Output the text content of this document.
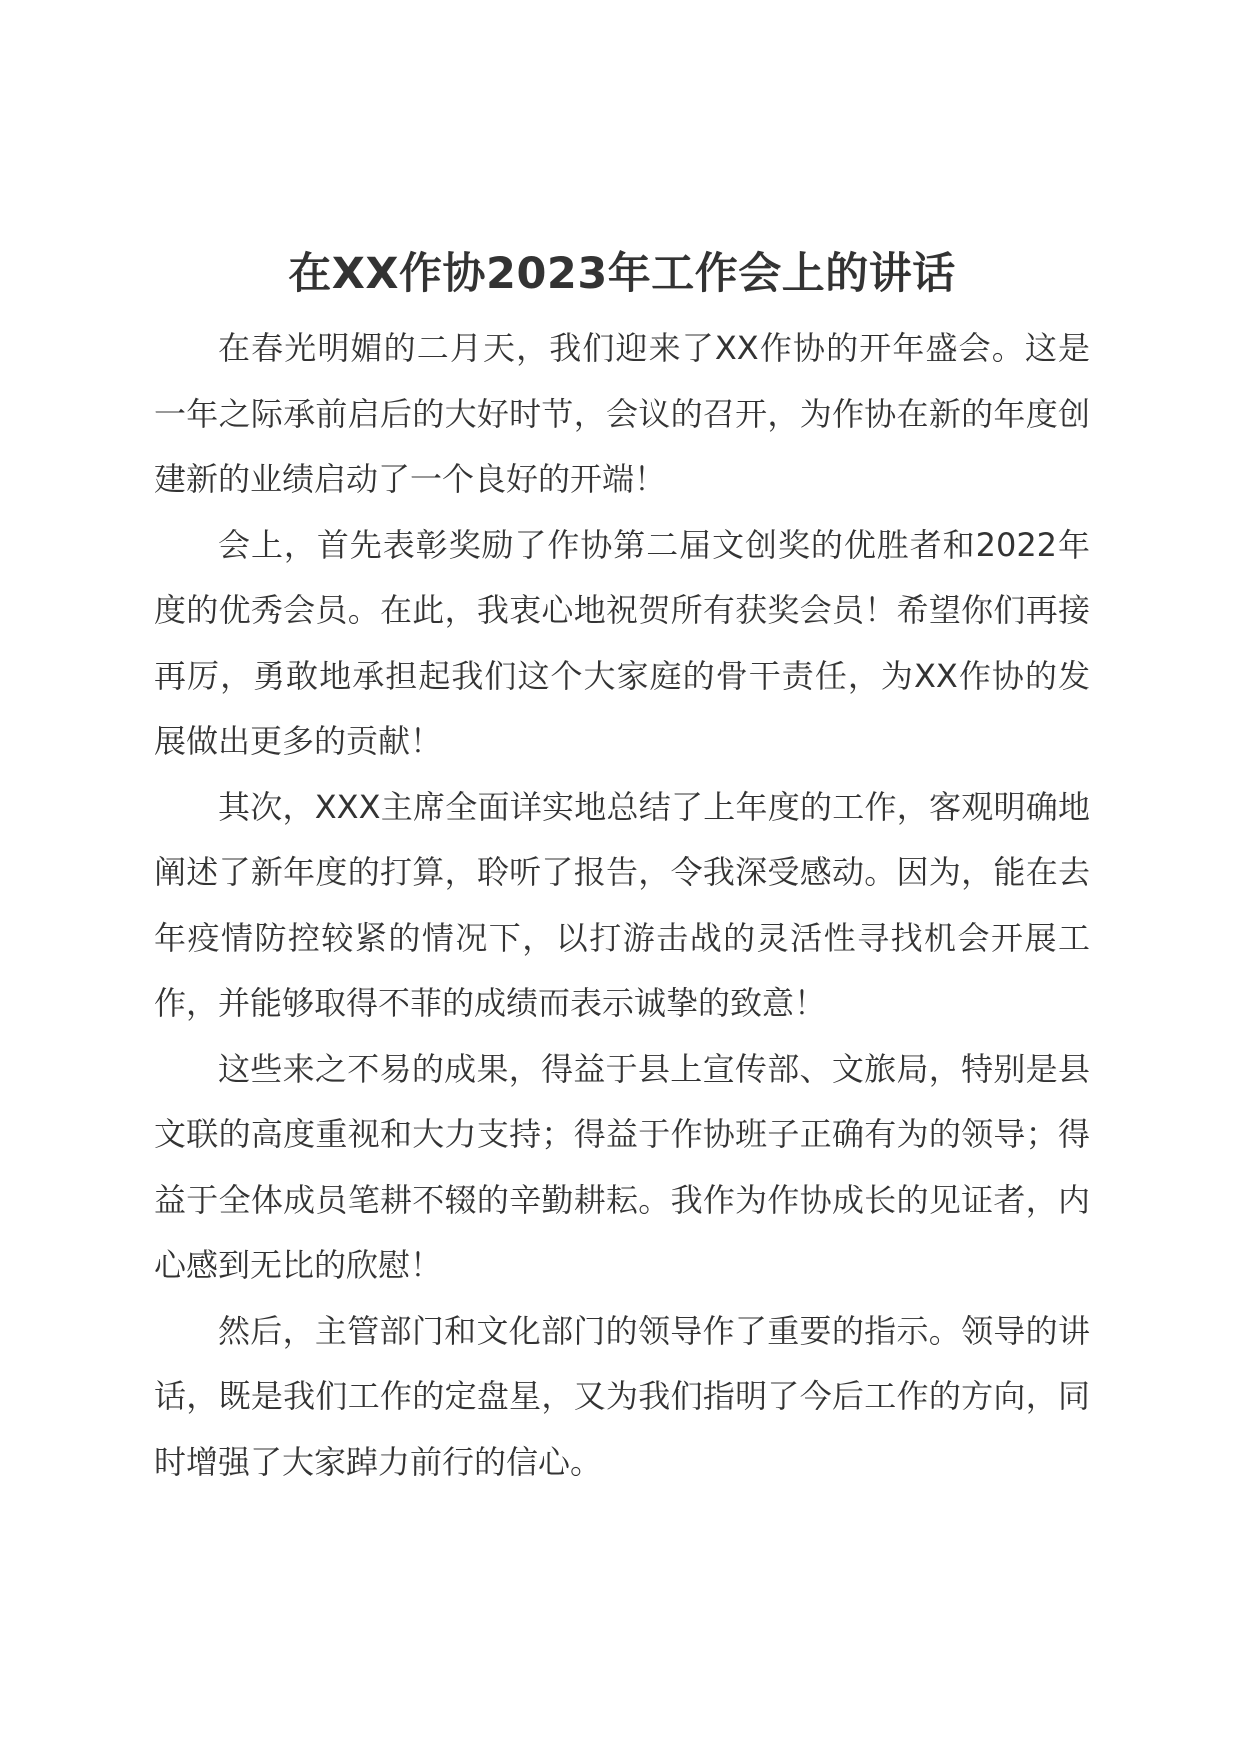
在XX作协2023年工作会上的讲话

在春光明媚的二月天，我们迎来了XX作协的开年盛会。这是一年之际承前启后的大好时节，会议的召开，为作协在新的年度创建新的业绩启动了一个良好的开端！

会上，首先表彰奖励了作协第二届文创奖的优胜者和2022年度的优秀会员。在此，我衷心地祝贺所有获奖会员！希望你们再接再厉，勇敢地承担起我们这个大家庭的骨干责任，为XX作协的发展做出更多的贡献！

其次，XXX主席全面详实地总结了上年度的工作，客观明确地阐述了新年度的打算，聆听了报告，令我深受感动。因为，能在去年疫情防控较紧的情况下，以打游击战的灵活性寻找机会开展工作，并能够取得不菲的成绩而表示诚挚的致意！

这些来之不易的成果，得益于县上宣传部、文旅局，特别是县文联的高度重视和大力支持；得益于作协班子正确有为的领导；得益于全体成员笔耕不辍的辛勤耕耘。我作为作协成长的见证者，内心感到无比的欣慰！

然后，主管部门和文化部门的领导作了重要的指示。领导的讲话，既是我们工作的定盘星，又为我们指明了今后工作的方向，同时增强了大家踔力前行的信心。
